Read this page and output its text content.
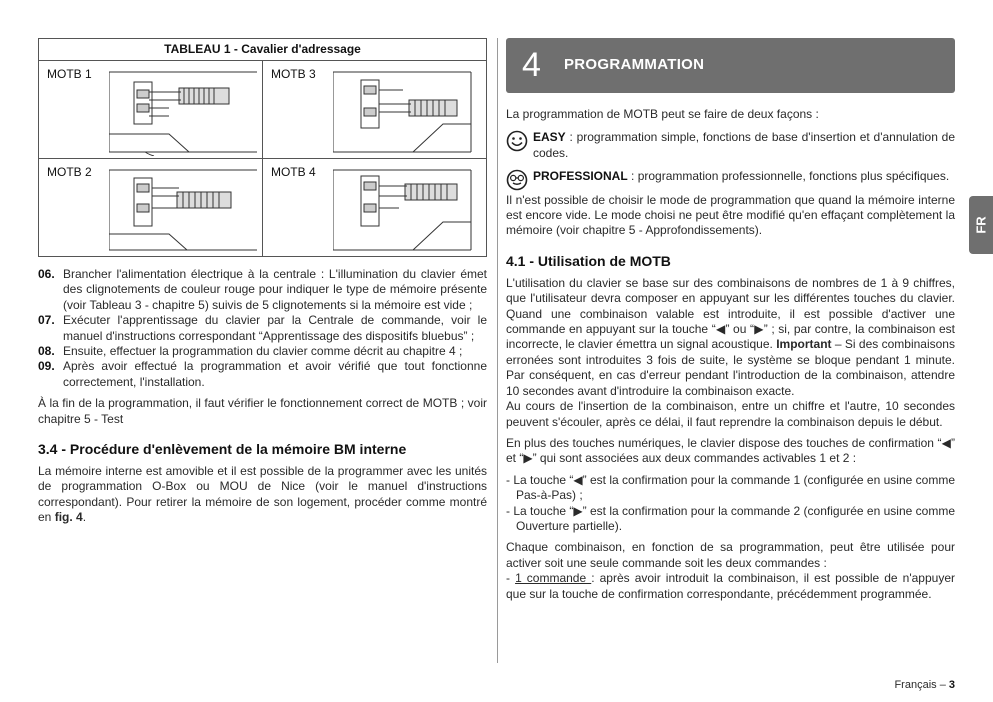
TABLEAU 1 - Cavalier d'adressage	

MOTB 1	MOTB 3

MOTB 2	MOTB 4
06. Brancher l'alimentation électrique à la centrale : L'illumination du clavier émet des clignotements de couleur rouge pour indiquer le type de mémoire présente (voir Tableau 3 - chapitre 5) suivis de 5 clignotements si la mémoire est vide ;
07. Exécuter l'apprentissage du clavier par la Centrale de commande, voir le manuel d'instructions correspondant “Apprentissage des dispositifs bluebus” ;
08. Ensuite, effectuer la programmation du clavier comme décrit au chapitre 4 ;
09. Après avoir effectué la programmation et avoir vérifié que tout fonctionne correctement, l'installation.

À la fin de la programmation, il faut vérifier le fonctionnement correct de MOTB ; voir chapitre 5 - Test

3.4 - Procédure d'enlèvement de la mémoire BM interne

La mémoire interne est amovible et il est possible de la programmer avec les unités de programmation O-Box ou MOU de Nice (voir le manuel d'instructions correspondant). Pour retirer la mémoire de son logement, procéder comme montré en fig. 4.

4 PROGRAMMATION

La programmation de MOTB peut se faire de deux façons :

EASY : programmation simple, fonctions de base d'insertion et d'annulation de codes.
PROFESSIONAL : programmation professionnelle, fonctions plus spécifiques.

Il n'est possible de choisir le mode de programmation que quand la mémoire interne est encore vide. Le mode choisi ne peut être modifié qu'en effaçant complètement la mémoire (voir chapitre 5 - Approfondissements).

4.1 - Utilisation de MOTB

L'utilisation du clavier se base sur des combinaisons de nombres de 1 à 9 chiffres, que l'utilisateur devra composer en appuyant sur les différentes touches du clavier. Quand une combinaison valable est introduite, il est possible d'activer une commande en appuyant sur la touche “◀” ou “▶” ; si, par contre, la combinaison est incorrecte, le clavier émettra un signal acoustique. Important – Si des combinaisons erronées sont introduites 3 fois de suite, le système se bloque pendant 1 minute. Par conséquent, en cas d'erreur pendant l'introduction de la combinaison, attendre 10 secondes avant d'introduire la combinaison exacte.

Au cours de l'insertion de la combinaison, entre un chiffre et l'autre, 10 secondes peuvent s'écouler, après ce délai, il faut reprendre la combinaison depuis le début.

En plus des touches numériques, le clavier dispose des touches de confirmation “◀” et “▶” qui sont associées aux deux commandes activables 1 et 2 :

- La touche “◀” est la confirmation pour la commande 1 (configurée en usine comme Pas-à-Pas) ;
- La touche “▶” est la confirmation pour la commande 2 (configurée en usine comme Ouverture partielle).

Chaque combinaison, en fonction de sa programmation, peut être utilisée pour activer soit une seule commande soit les deux commandes :

- 1 commande : après avoir introduit la combinaison, il est possible de n'appuyer que sur la touche de confirmation correspondante, précédemment programmée.

FR
Français – 3
